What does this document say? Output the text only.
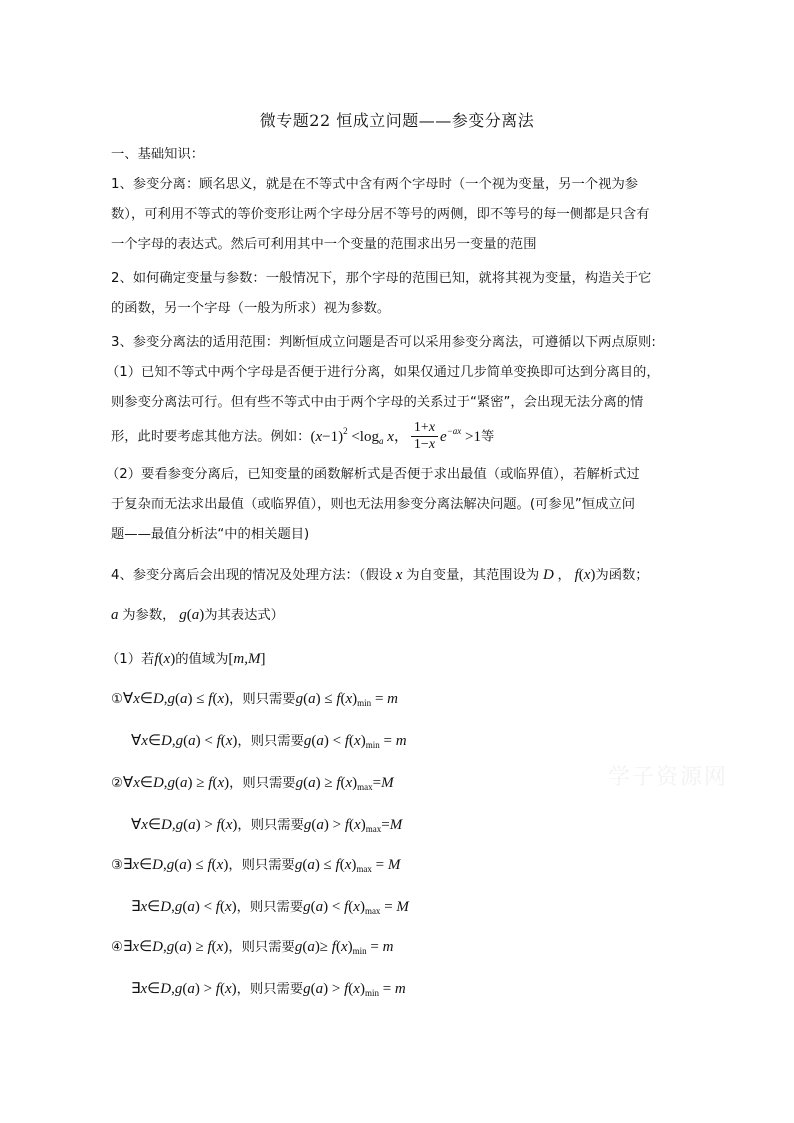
微专题22 恒成立问题——参变分离法
一、基础知识：
1、参变分离：顾名思义，就是在不等式中含有两个字母时（一个视为变量，另一个视为参
数），可利用不等式的等价变形让两个字母分居不等号的两侧，即不等号的每一侧都是只含有
一个字母的表达式。然后可利用其中一个变量的范围求出另一变量的范围
2、如何确定变量与参数：一般情况下，那个字母的范围已知，就将其视为变量，构造关于它
的函数，另一个字母（一般为所求）视为参数。
3、参变分离法的适用范围：判断恒成立问题是否可以采用参变分离法，可遵循以下两点原则:
（1）已知不等式中两个字母是否便于进行分离，如果仅通过几步简单变换即可达到分离目的，
则参变分离法可行。但有些不等式中由于两个字母的关系过于“紧密”，会出现无法分离的情
形，此时要考虑其他方法。例如：$(x-1)^2 <\log_a$ x， $\frac{1+x}{1-x} e^{-ax} >1$等
（2）要看参变分离后，已知变量的函数解析式是否便于求出最值（或临界值），若解析式过
于复杂而无法求出最值（或临界值），则也无法用参变分离法解决问题。(可参见”恒成立问
题——最值分析法“中的相关题目)
4、参变分离后会出现的情况及处理方法：（假设 x 为自变量，其范围设为 D ， f(x)为函数；
a 为参数， g(a)为其表达式）
（1）若f(x)的值域为[m,M]
①∀x∈D,g(a) ≤ f(x)，则只需要$g(a) \le f(x)_{min} = m$
∀x∈D,g(a) < f(x)，则只需要$g(a) < f(x)_{min} = m$
②∀x∈D,g(a) ≥ f(x)，则只需要$g(a) \ge f(x)_{max}=M$
∀x∈D,g(a) > f(x)，则只需要$g(a) > f(x)_{max}=M$
③∃x∈D,g(a) ≤ f(x)，则只需要$g(a) \le f(x)_{max} = M$
∃x∈D,g(a) < f(x)，则只需要$g(a) < f(x)_{max} = M$
④∃x∈D,g(a) ≥ f(x)，则只需要$g(a)\ge f(x)_{min} = m$
∃x∈D,g(a) > f(x)，则只需要$g(a) > f(x)_{min} = m$
学子资源网
